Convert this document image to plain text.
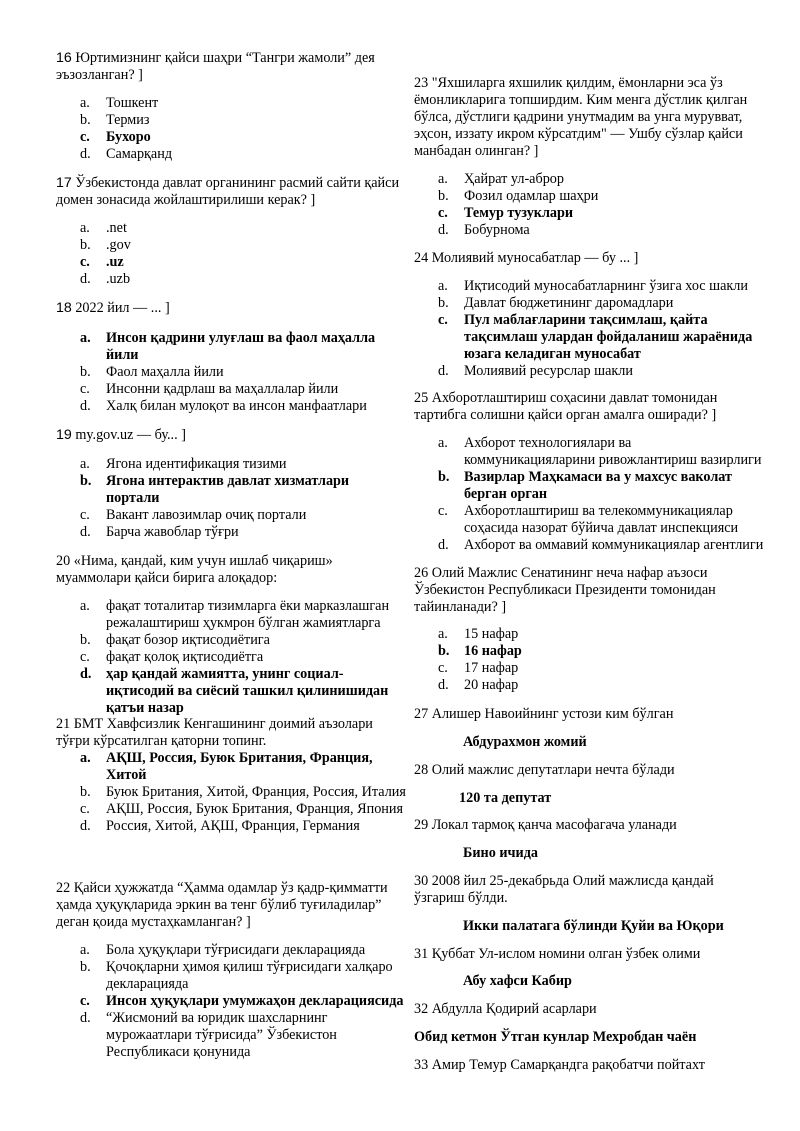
16 Юртимизнинг қайси шаҳри “Тангри жамоли” дея эъзозланган? ]
a. Тошкент
b. Термиз
c. Бухоро
d. Самарқанд
17 Ўзбекистонда давлат органининг расмий сайти қайси домен зонасида жойлаштирилиши керак? ]
a. .net
b. .gov
c. .uz
d. .uzb
18 2022 йил — ... ]
a. Инсон қадрини улуғлаш ва фаол маҳалла йили
b. Фаол маҳалла йили
c. Инсонни қадрлаш ва маҳаллалар йили
d. Халқ билан мулоқот ва инсон манфаатлари
19 my.gov.uz — бу... ]
a. Ягона идентификация тизими
b. Ягона интерактив давлат хизматлари портали
c. Вакант лавозимлар очиқ портали
d. Барча жавоблар тўғри
20 «Нима, қандай, ким учун ишлаб чиқариш» муаммолари қайси бирига алоқадор:
a. фақат тоталитар тизимларга ёки марказлашган режалаштириш ҳукмрон бўлган жамиятларга
b. фақат бозор иқтисодиётига
c. фақат қолоқ иқтисодиётга
d. ҳар қандай жамиятта, унинг социал-иқтисодий ва сиёсий ташкил қилинишидан қатъи назар
21 БМТ Хавфсизлик Кенгашининг доимий аъзолари тўғри кўрсатилган қаторни топинг.
a. АҚШ, Россия, Буюк Британия, Франция, Хитой
b. Буюк Британия, Хитой, Франция, Россия, Италия
c. АҚШ, Россия, Буюк Британия, Франция, Япония
d. Россия, Хитой, АҚШ, Франция, Германия
22 Қайси ҳужжатда “Ҳамма одамлар ўз қадр-қимматти ҳамда ҳуқуқларида эркин ва тенг бўлиб туғиладилар” деган қоида мустаҳкамланган? ]
a. Бола ҳуқуқлари тўғрисидаги декларацияда
b. Қочоқларни ҳимоя қилиш тўғрисидаги халқаро декларацияда
c. Инсон ҳуқуқлари умумжаҳон декларациясида
d. “Жисмоний ва юридик шахсларнинг мурожаатлари тўғрисида” Ўзбекистон Республикаси қонунида
23 "Яхшиларга яхшилик қилдим, ёмонларни эса ўз ёмонликларига топширдим. Ким менга дўстлик қилган бўлса, дўстлиги қадрини унутмадим ва унга мурувват, эҳсон, иззату икром кўрсатдим" — Ушбу сўзлар қайси манбадан олинган? ]
a. Ҳайрат ул-аброр
b. Фозил одамлар шаҳри
c. Темур тузуклари
d. Бобурнома
24 Молиявий муносабатлар — бу ... ]
a. Иқтисодий муносабатларнинг ўзига хос шакли
b. Давлат бюджетининг даромадлари
c. Пул маблағларини тақсимлаш, қайта тақсимлаш улардан фойдаланиш жараёнида юзага келадиган муносабат
d. Молиявий ресурслар шакли
25 Ахборотлаштириш соҳасини давлат томонидан тартибга солишни қайси орган амалга оширади? ]
a. Ахборот технологиялари ва коммуникацияларини ривожлантириш вазирлиги
b. Вазирлар Маҳкамаси ва у махсус ваколат берган орган
c. Ахборотлаштириш ва телекоммуникациялар соҳасида назорат бўйича давлат инспекцияси
d. Ахборот ва оммавий коммуникациялар агентлиги
26 Олий Мажлис Сенатининг неча нафар аъзоси Ўзбекистон Республикаси Президенти томонидан тайинланади? ]
a. 15 нафар
b. 16 нафар
c. 17 нафар
d. 20 нафар
27 Алишер Навоийнинг устози ким бўлган
Абдурахмон жомий
28 Олий мажлис депутатлари нечта бўлади
120 та депутат
29 Локал тармоқ қанча масофагача уланади
Бино ичида
30 2008 йил 25-декабрьда Олий мажлисда қандай ўзгариш бўлди.
Икки палатага бўлинди Қуйи ва Юқори
31 Қуббат Ул-ислом номини олган ўзбек олими
Абу хафси Кабир
32 Абдулла Қодирий асарлари
Обид кетмон Ўтган кунлар Мехробдан чаён
33 Амир Темур Самарқандга рақобатчи пойтахт
